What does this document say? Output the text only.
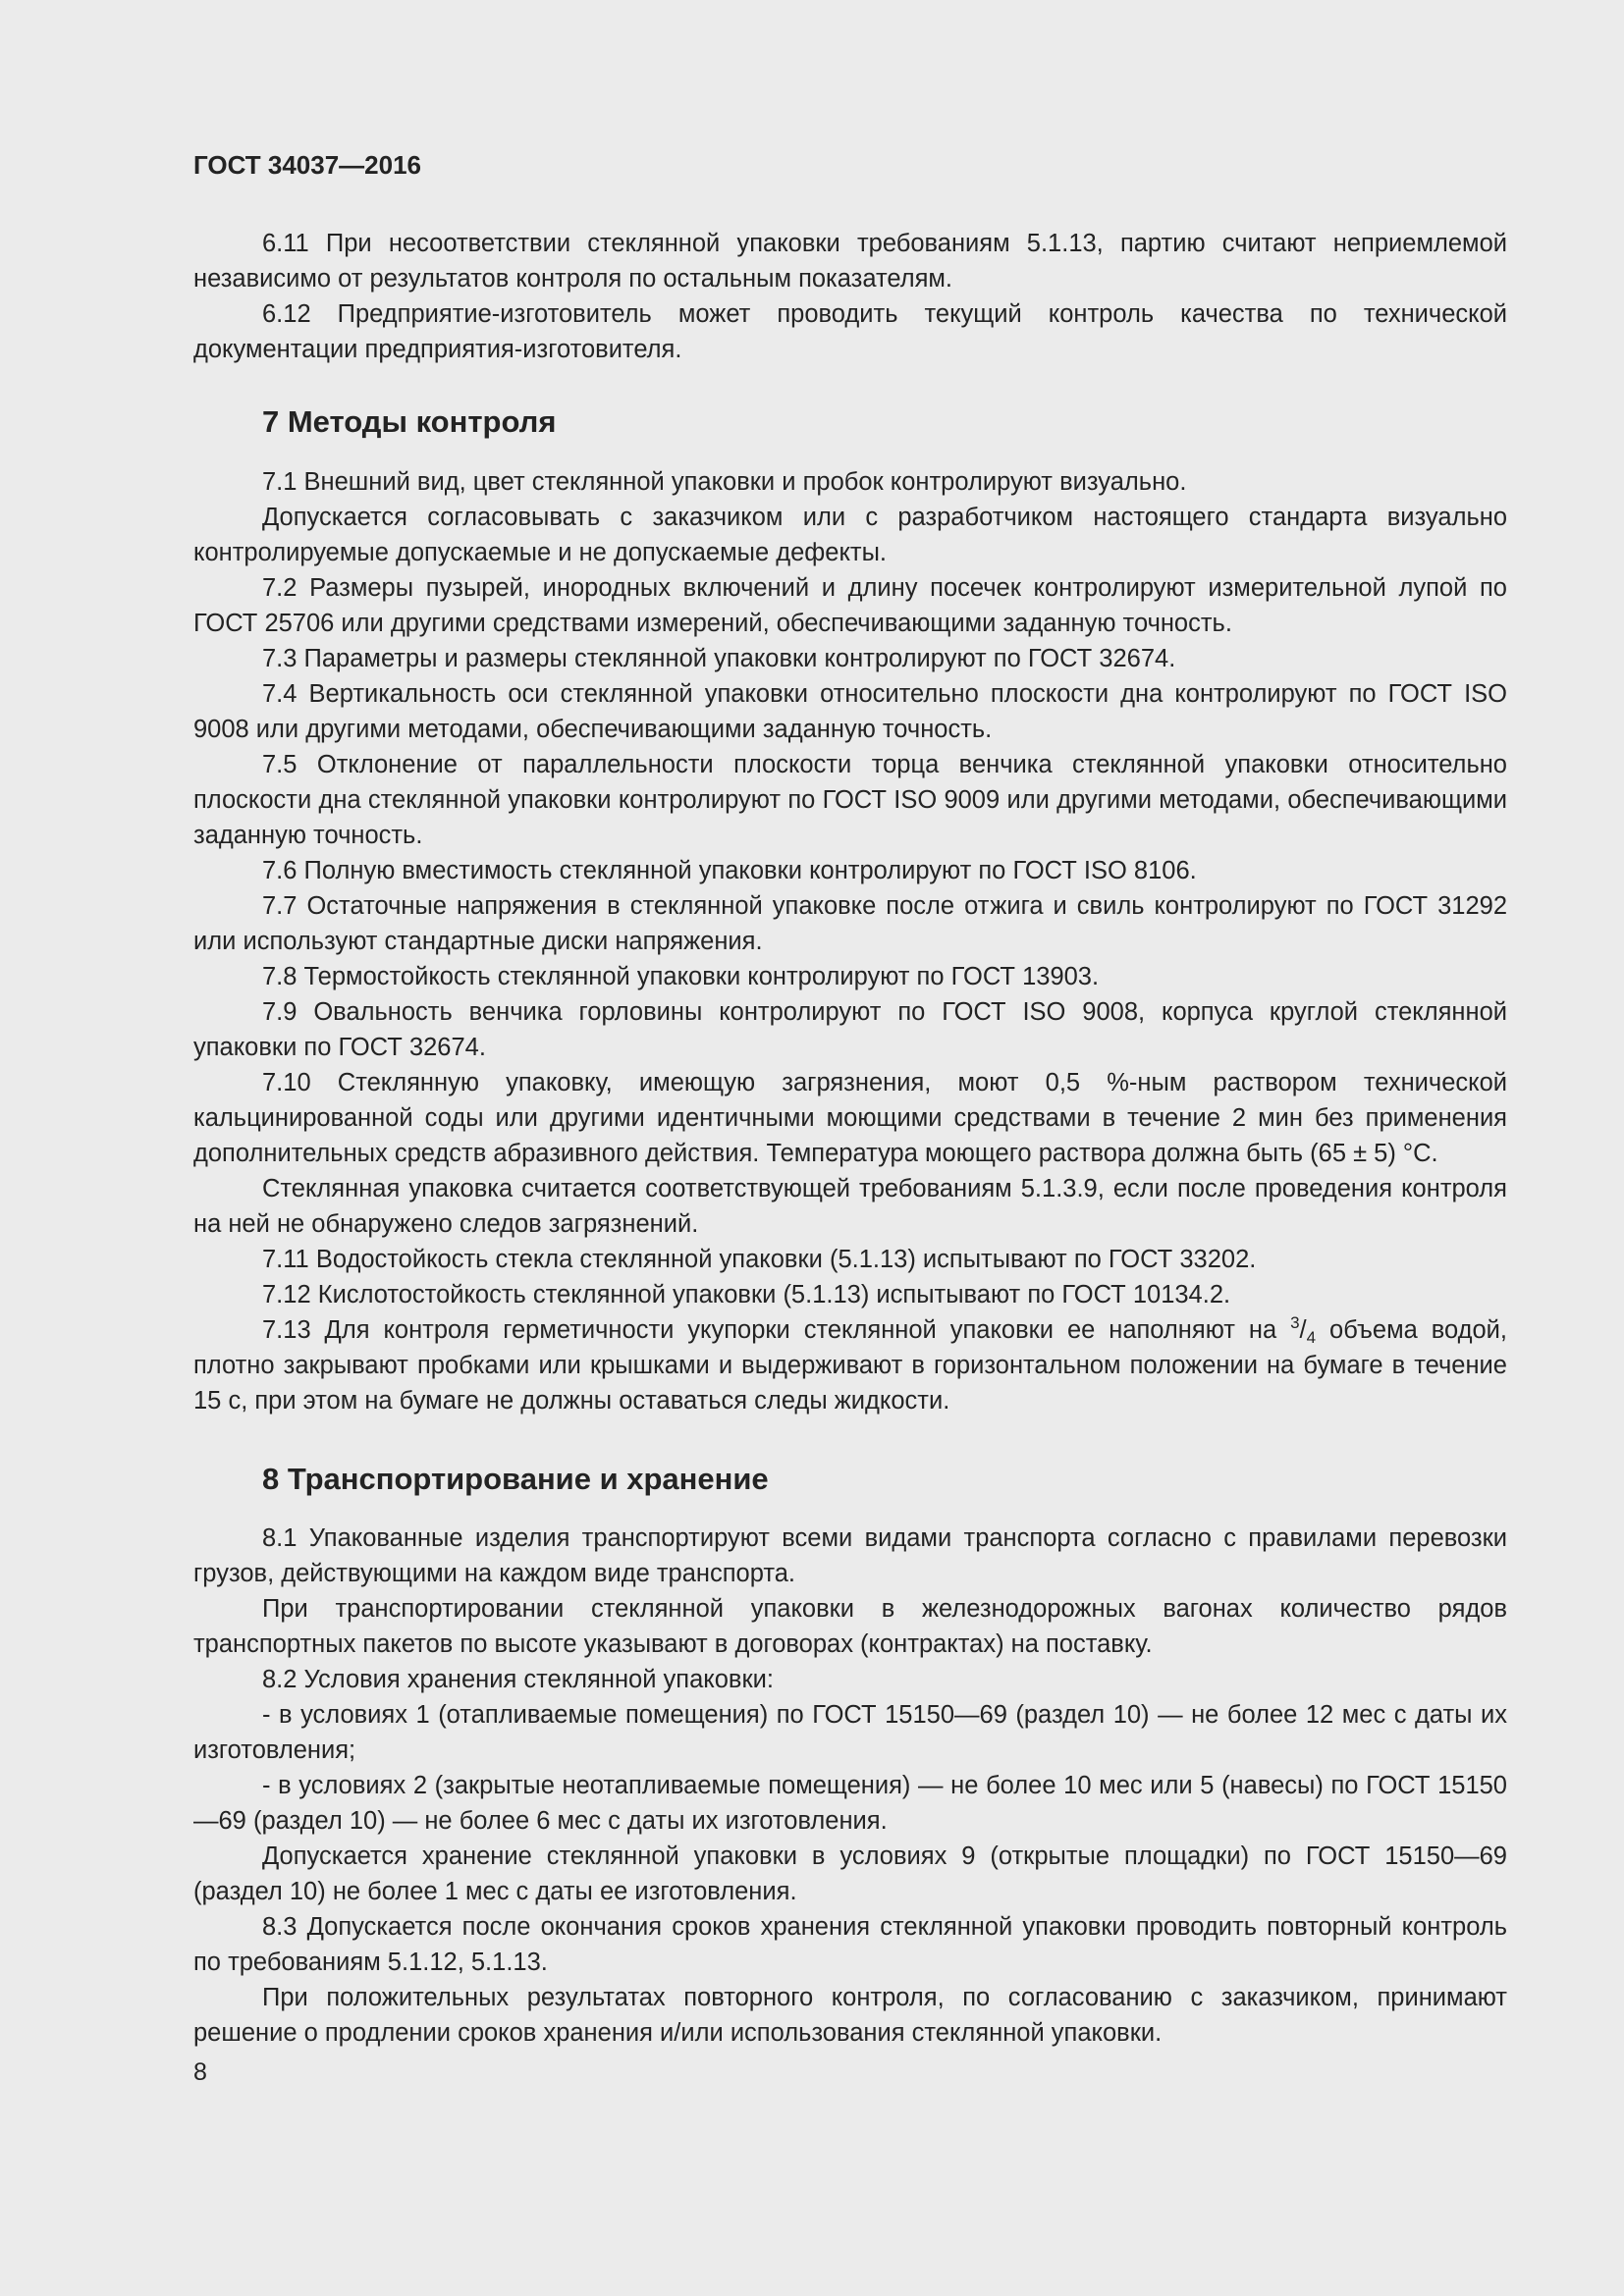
ГОСТ 34037—2016

6.11 При несоответствии стеклянной упаковки требованиям 5.1.13, партию считают неприемлемой независимо от результатов контроля по остальным показателям.

6.12 Предприятие-изготовитель может проводить текущий контроль качества по технической документации предприятия-изготовителя.

7 Методы контроля

7.1 Внешний вид, цвет стеклянной упаковки и пробок контролируют визуально.

Допускается согласовывать с заказчиком или с разработчиком настоящего стандарта визуально контролируемые допускаемые и не допускаемые дефекты.

7.2 Размеры пузырей, инородных включений и длину посечек контролируют измерительной лупой по ГОСТ 25706 или другими средствами измерений, обеспечивающими заданную точность.

7.3 Параметры и размеры стеклянной упаковки контролируют по ГОСТ 32674.

7.4 Вертикальность оси стеклянной упаковки относительно плоскости дна контролируют по ГОСТ ISO 9008 или другими методами, обеспечивающими заданную точность.

7.5 Отклонение от параллельности плоскости торца венчика стеклянной упаковки относительно плоскости дна стеклянной упаковки контролируют по ГОСТ ISO 9009 или другими методами, обеспечивающими заданную точность.

7.6 Полную вместимость стеклянной упаковки контролируют по ГОСТ ISO 8106.

7.7 Остаточные напряжения в стеклянной упаковке после отжига и свиль контролируют по ГОСТ 31292 или используют стандартные диски напряжения.

7.8 Термостойкость стеклянной упаковки контролируют по ГОСТ 13903.

7.9 Овальность венчика горловины контролируют по ГОСТ ISO 9008, корпуса круглой стеклянной упаковки по ГОСТ 32674.

7.10 Стеклянную упаковку, имеющую загрязнения, моют 0,5 %-ным раствором технической кальцинированной соды или другими идентичными моющими средствами в течение 2 мин без применения дополнительных средств абразивного действия. Температура моющего раствора должна быть (65 ± 5) °С.

Стеклянная упаковка считается соответствующей требованиям 5.1.3.9, если после проведения контроля на ней не обнаружено следов загрязнений.

7.11 Водостойкость стекла стеклянной упаковки (5.1.13) испытывают по ГОСТ 33202.

7.12 Кислотостойкость стеклянной упаковки (5.1.13) испытывают по ГОСТ 10134.2.

7.13 Для контроля герметичности укупорки стеклянной упаковки ее наполняют на $^3/_4$ объема водой, плотно закрывают пробками или крышками и выдерживают в горизонтальном положении на бумаге в течение 15 с, при этом на бумаге не должны оставаться следы жидкости.

8 Транспортирование и хранение

8.1 Упакованные изделия транспортируют всеми видами транспорта согласно с правилами перевозки грузов, действующими на каждом виде транспорта.

При транспортировании стеклянной упаковки в железнодорожных вагонах количество рядов транспортных пакетов по высоте указывают в договорах (контрактах) на поставку.

8.2 Условия хранения стеклянной упаковки:

- в условиях 1 (отапливаемые помещения) по ГОСТ 15150—69 (раздел 10) — не более 12 мес с даты их изготовления;

- в условиях 2 (закрытые неотапливаемые помещения) — не более 10 мес или 5 (навесы) по ГОСТ 15150—69 (раздел 10) — не более 6 мес с даты их изготовления.

Допускается хранение стеклянной упаковки в условиях 9 (открытые площадки) по ГОСТ 15150—69 (раздел 10) не более 1 мес с даты ее изготовления.

8.3 Допускается после окончания сроков хранения стеклянной упаковки проводить повторный контроль по требованиям 5.1.12, 5.1.13.

При положительных результатах повторного контроля, по согласованию с заказчиком, принимают решение о продлении сроков хранения и/или использования стеклянной упаковки.

8
